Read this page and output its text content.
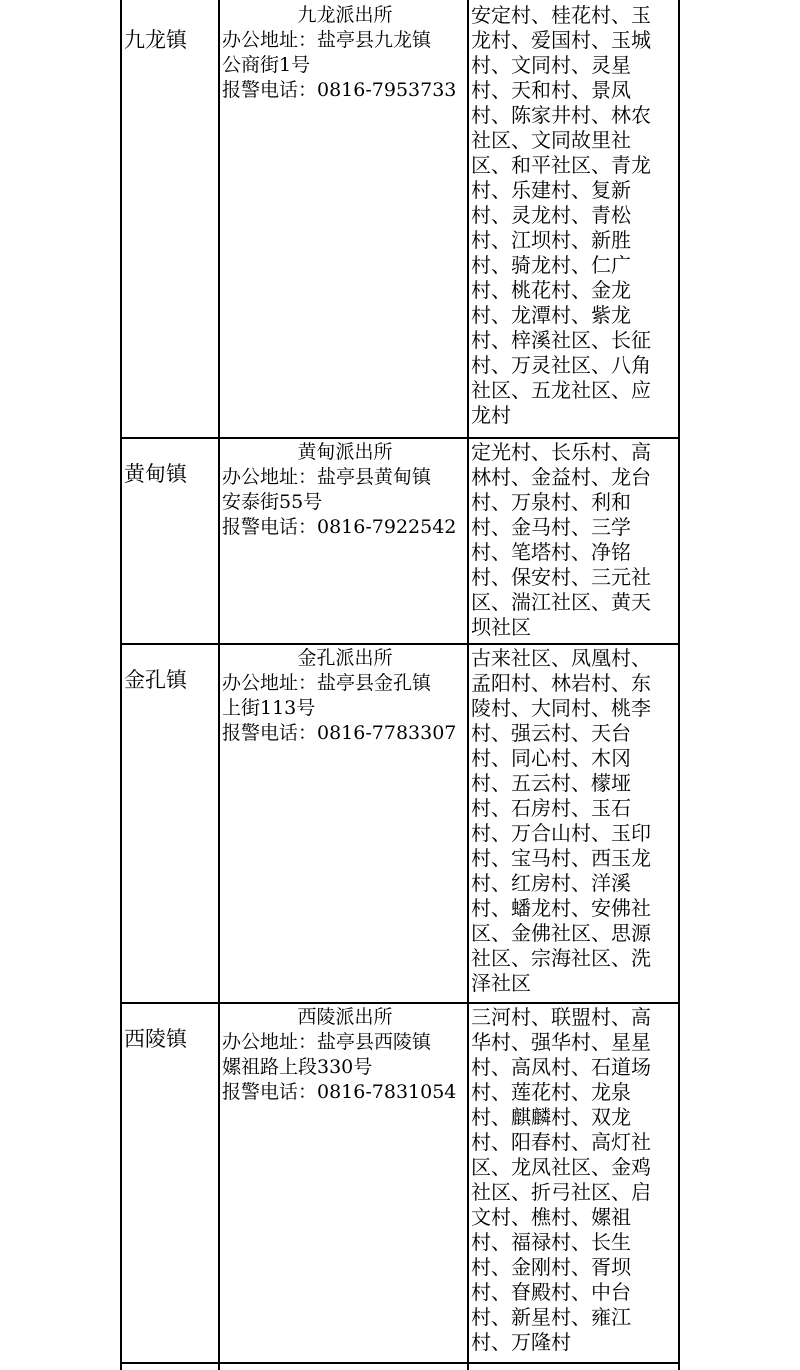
九龙镇
九龙派出所
办公地址：盐亭县九龙镇
公商街1号
报警电话：0816-7953733
安定村、桂花村、玉
龙村、爱国村、玉城
村、文同村、灵星
村、天和村、景凤
村、陈家井村、林农
社区、文同故里社
区、和平社区、青龙
村、乐建村、复新
村、灵龙村、青松
村、江坝村、新胜
村、骑龙村、仁广
村、桃花村、金龙
村、龙潭村、紫龙
村、梓溪社区、长征
村、万灵社区、八角
社区、五龙社区、应
龙村
黄甸镇
黄甸派出所
办公地址：盐亭县黄甸镇
安泰街55号
报警电话：0816-7922542
定光村、长乐村、高
林村、金益村、龙台
村、万泉村、利和
村、金马村、三学
村、笔塔村、净铭
村、保安村、三元社
区、湍江社区、黄天
坝社区
金孔镇
金孔派出所
办公地址：盐亭县金孔镇
上街113号
报警电话：0816-7783307
古来社区、凤凰村、
孟阳村、林岩村、东
陵村、大同村、桃李
村、强云村、天台
村、同心村、木冈
村、五云村、檬垭
村、石房村、玉石
村、万合山村、玉印
村、宝马村、西玉龙
村、红房村、洋溪
村、蟠龙村、安佛社
区、金佛社区、思源
社区、宗海社区、洗
泽社区
西陵镇
西陵派出所
办公地址：盐亭县西陵镇
嫘祖路上段330号
报警电话：0816-7831054
三河村、联盟村、高
华村、强华村、星星
村、高凤村、石道场
村、莲花村、龙泉
村、麒麟村、双龙
村、阳春村、高灯社
区、龙凤社区、金鸡
社区、折弓社区、启
文村、樵村、嫘祖
村、福禄村、长生
村、金刚村、胥坝
村、眘殿村、中台
村、新星村、雍江
村、万隆村
